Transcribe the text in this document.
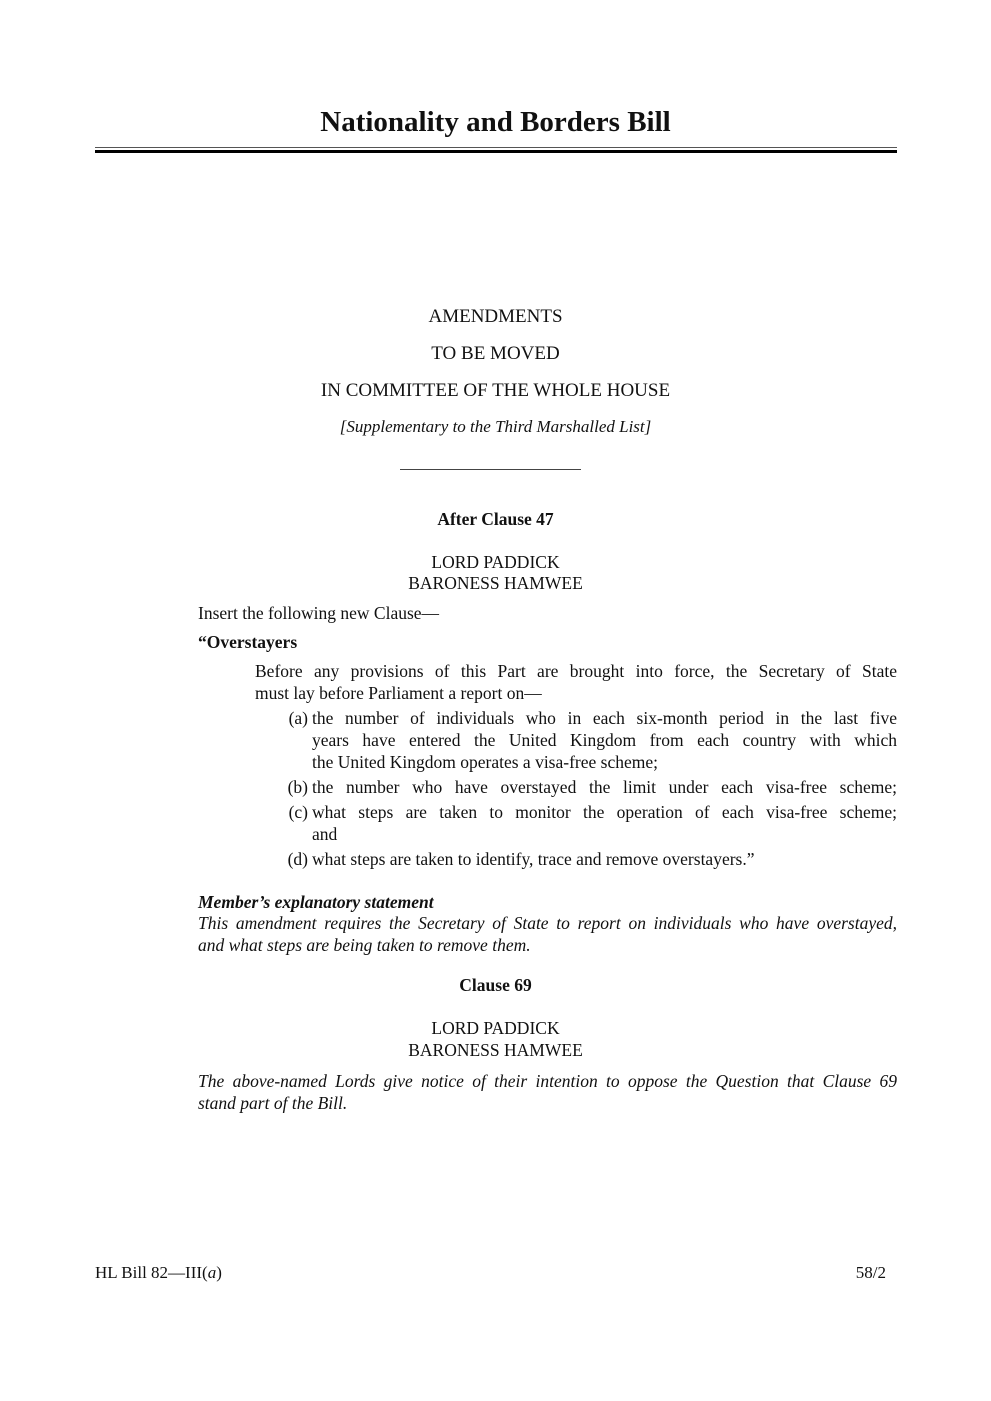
Nationality and Borders Bill
AMENDMENTS
TO BE MOVED
IN COMMITTEE OF THE WHOLE HOUSE
[Supplementary to the Third Marshalled List]
After Clause 47
LORD PADDICK
BARONESS HAMWEE
Insert the following new Clause—
“Overstayers
Before any provisions of this Part are brought into force, the Secretary of State
must lay before Parliament a report on—
(a) the number of individuals who in each six-month period in the last five
years have entered the United Kingdom from each country with which
the United Kingdom operates a visa-free scheme;
(b) the number who have overstayed the limit under each visa-free scheme;
(c) what steps are taken to monitor the operation of each visa-free scheme;
and
(d) what steps are taken to identify, trace and remove overstayers.”
Member’s explanatory statement
This amendment requires the Secretary of State to report on individuals who have overstayed,
and what steps are being taken to remove them.
Clause 69
LORD PADDICK
BARONESS HAMWEE
The above-named Lords give notice of their intention to oppose the Question that Clause 69
stand part of the Bill.
HL Bill 82—III(a)	58/2
